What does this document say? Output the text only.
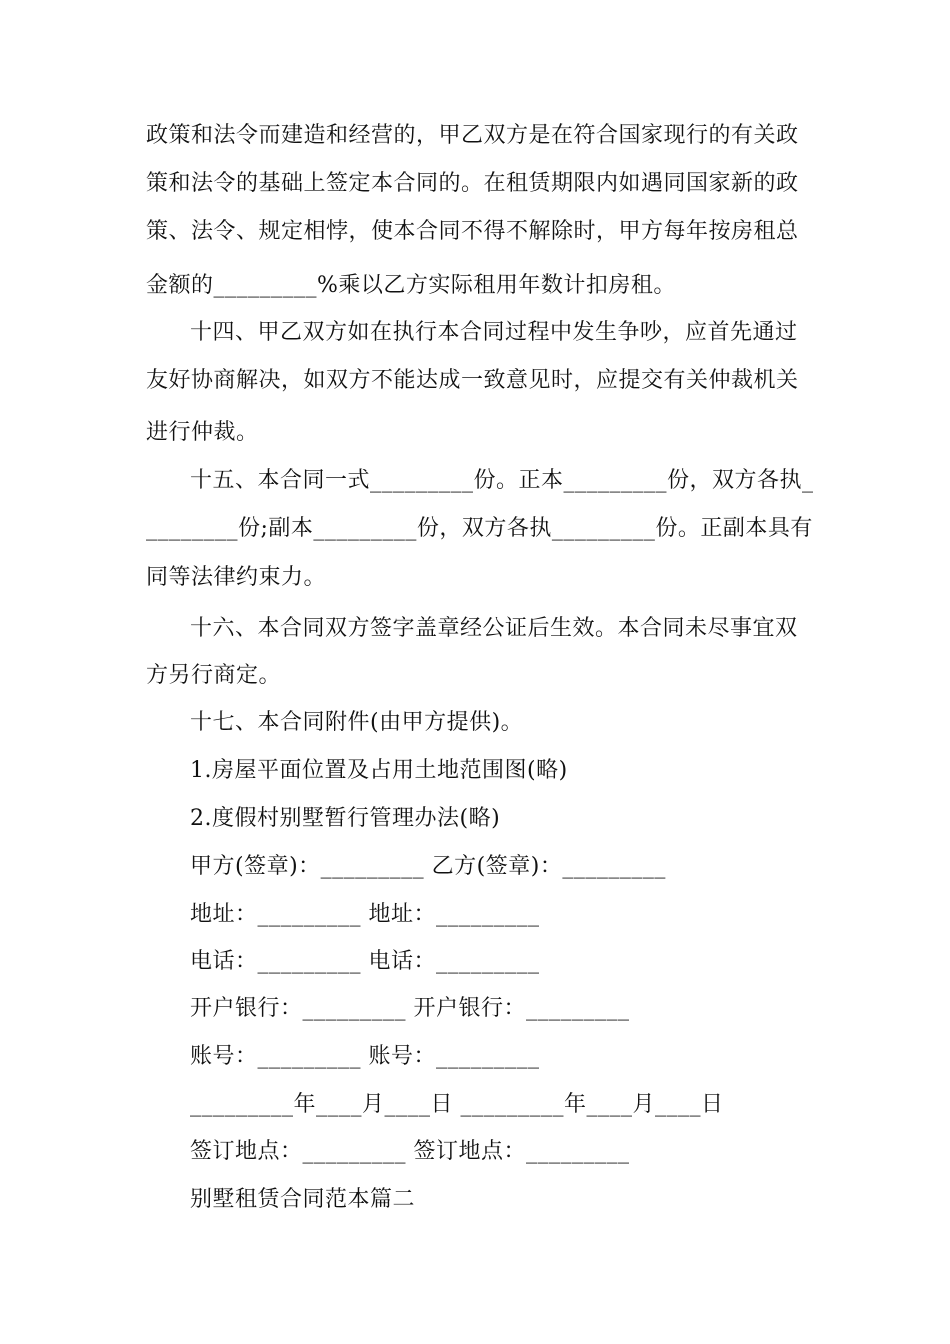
政策和法令而建造和经营的，甲乙双方是在符合国家现行的有关政
策和法令的基础上签定本合同的。在租赁期限内如遇同国家新的政
策、法令、规定相悖，使本合同不得不解除时，甲方每年按房租总
金额的_________%乘以乙方实际租用年数计扣房租。
十四、甲乙双方如在执行本合同过程中发生争吵，应首先通过
友好协商解决，如双方不能达成一致意见时，应提交有关仲裁机关
进行仲裁。
十五、本合同一式_________份。正本_________份，双方各执_
________份;副本_________份，双方各执_________份。正副本具有
同等法律约束力。
十六、本合同双方签字盖章经公证后生效。本合同未尽事宜双
方另行商定。
十七、本合同附件(由甲方提供)。
1.房屋平面位置及占用土地范围图(略)
2.度假村别墅暂行管理办法(略)
甲方(签章)：_________ 乙方(签章)：_________
地址：_________ 地址：_________
电话：_________ 电话：_________
开户银行：_________ 开户银行：_________
账号：_________ 账号：_________
_________年____月____日 _________年____月____日
签订地点：_________ 签订地点：_________
别墅租赁合同范本篇二
